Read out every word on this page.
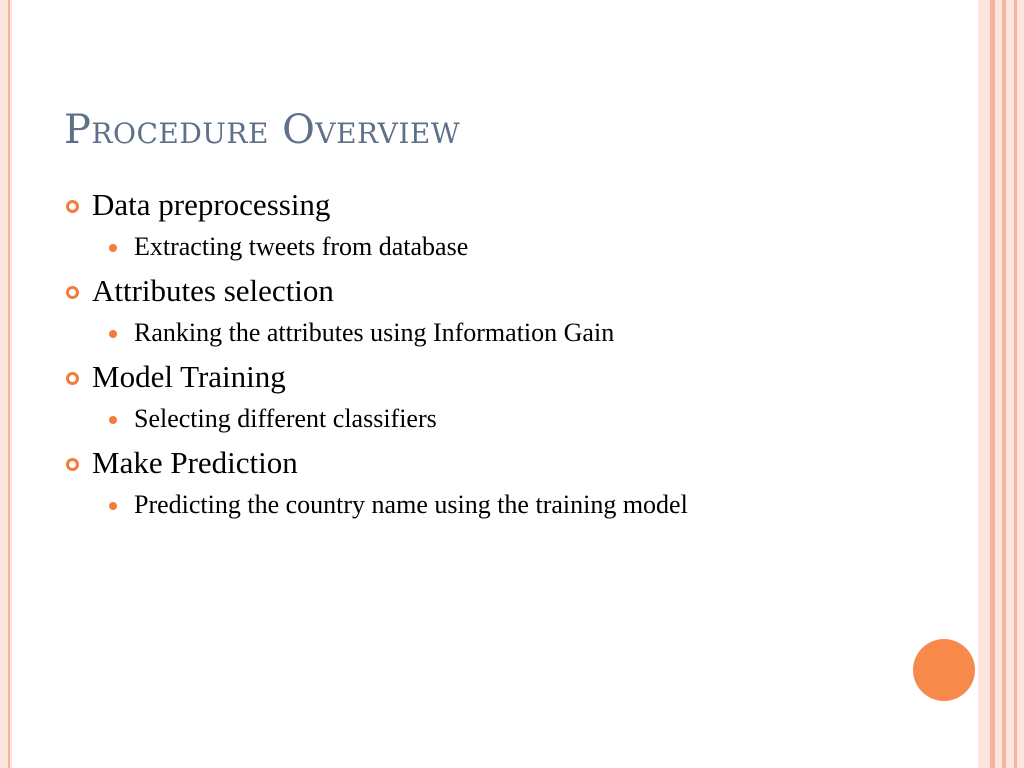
Procedure Overview
Data preprocessing
Extracting tweets from database
Attributes selection
Ranking the attributes using Information Gain
Model Training
Selecting different classifiers
Make Prediction
Predicting the country name using the training model
